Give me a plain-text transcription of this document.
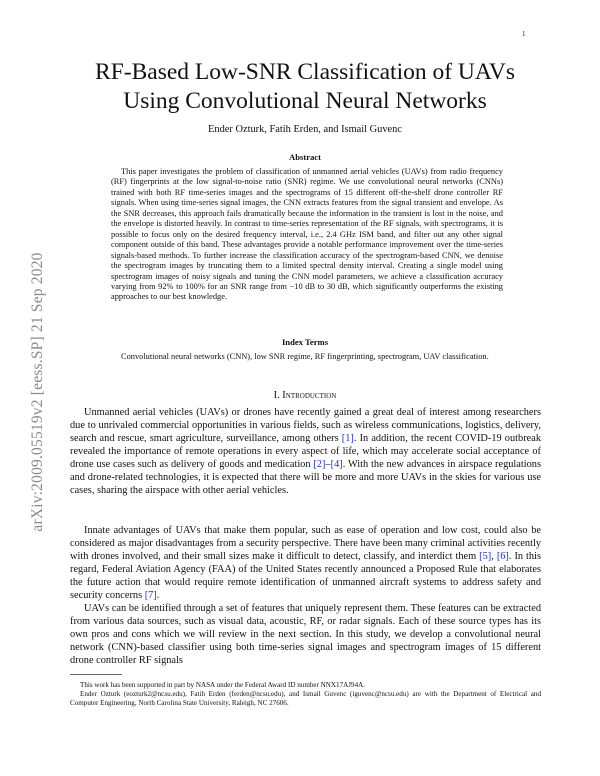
1
arXiv:2009.05519v2 [eess.SP] 21 Sep 2020
RF-Based Low-SNR Classification of UAVs
Using Convolutional Neural Networks

Ender Ozturk, Fatih Erden, and Ismail Guvenc

Abstract

This paper investigates the problem of classification of unmanned aerial vehicles (UAVs) from radio frequency (RF) fingerprints at the low signal-to-noise ratio (SNR) regime. We use convolutional neural networks (CNNs) trained with both RF time-series images and the spectrograms of 15 different off-the-shelf drone controller RF signals. When using time-series signal images, the CNN extracts features from the signal transient and envelope. As the SNR decreases, this approach fails dramatically because the information in the transient is lost in the noise, and the envelope is distorted heavily. In contrast to time-series representation of the RF signals, with spectrograms, it is possible to focus only on the desired frequency interval, i.e., 2.4 GHz ISM band, and filter out any other signal component outside of this band. These advantages provide a notable performance improvement over the time-series signals-based methods. To further increase the classification accuracy of the spectrogram-based CNN, we denoise the spectrogram images by truncating them to a limited spectral density interval. Creating a single model using spectrogram images of noisy signals and tuning the CNN model parameters, we achieve a classification accuracy varying from 92% to 100% for an SNR range from −10 dB to 30 dB, which significantly outperforms the existing approaches to our best knowledge.

Index Terms

Convolutional neural networks (CNN), low SNR regime, RF fingerprinting, spectrogram, UAV classification.

I. Introduction

Unmanned aerial vehicles (UAVs) or drones have recently gained a great deal of interest among researchers due to unrivaled commercial opportunities in various fields, such as wireless communications, logistics, delivery, search and rescue, smart agriculture, surveillance, among others [1]. In addition, the recent COVID-19 outbreak revealed the importance of remote operations in every aspect of life, which may accelerate social acceptance of drone use cases such as delivery of goods and medication [2]–[4]. With the new advances in airspace regulations and drone-related technologies, it is expected that there will be more and more UAVs in the skies for various use cases, sharing the airspace with other aerial vehicles.

Innate advantages of UAVs that make them popular, such as ease of operation and low cost, could also be considered as major disadvantages from a security perspective. There have been many criminal activities recently with drones involved, and their small sizes make it difficult to detect, classify, and interdict them [5], [6]. In this regard, Federal Aviation Agency (FAA) of the United States recently announced a Proposed Rule that elaborates the future action that would require remote identification of unmanned aircraft systems to address safety and security concerns [7].

UAVs can be identified through a set of features that uniquely represent them. These features can be extracted from various data sources, such as visual data, acoustic, RF, or radar signals. Each of these source types has its own pros and cons which we will review in the next section. In this study, we develop a convolutional neural network (CNN)-based classifier using both time-series signal images and spectrogram images of 15 different drone controller RF signals

This work has been supported in part by NASA under the Federal Award ID number NNX17AJ94A.

Ender Ozturk (eozturk2@ncsu.edu), Fatih Erden (ferden@ncsu.edu), and Ismail Guvenc (iguvenc@ncsu.edu) are with the Department of Electrical and Computer Engineering, North Carolina State University, Raleigh, NC 27606.
